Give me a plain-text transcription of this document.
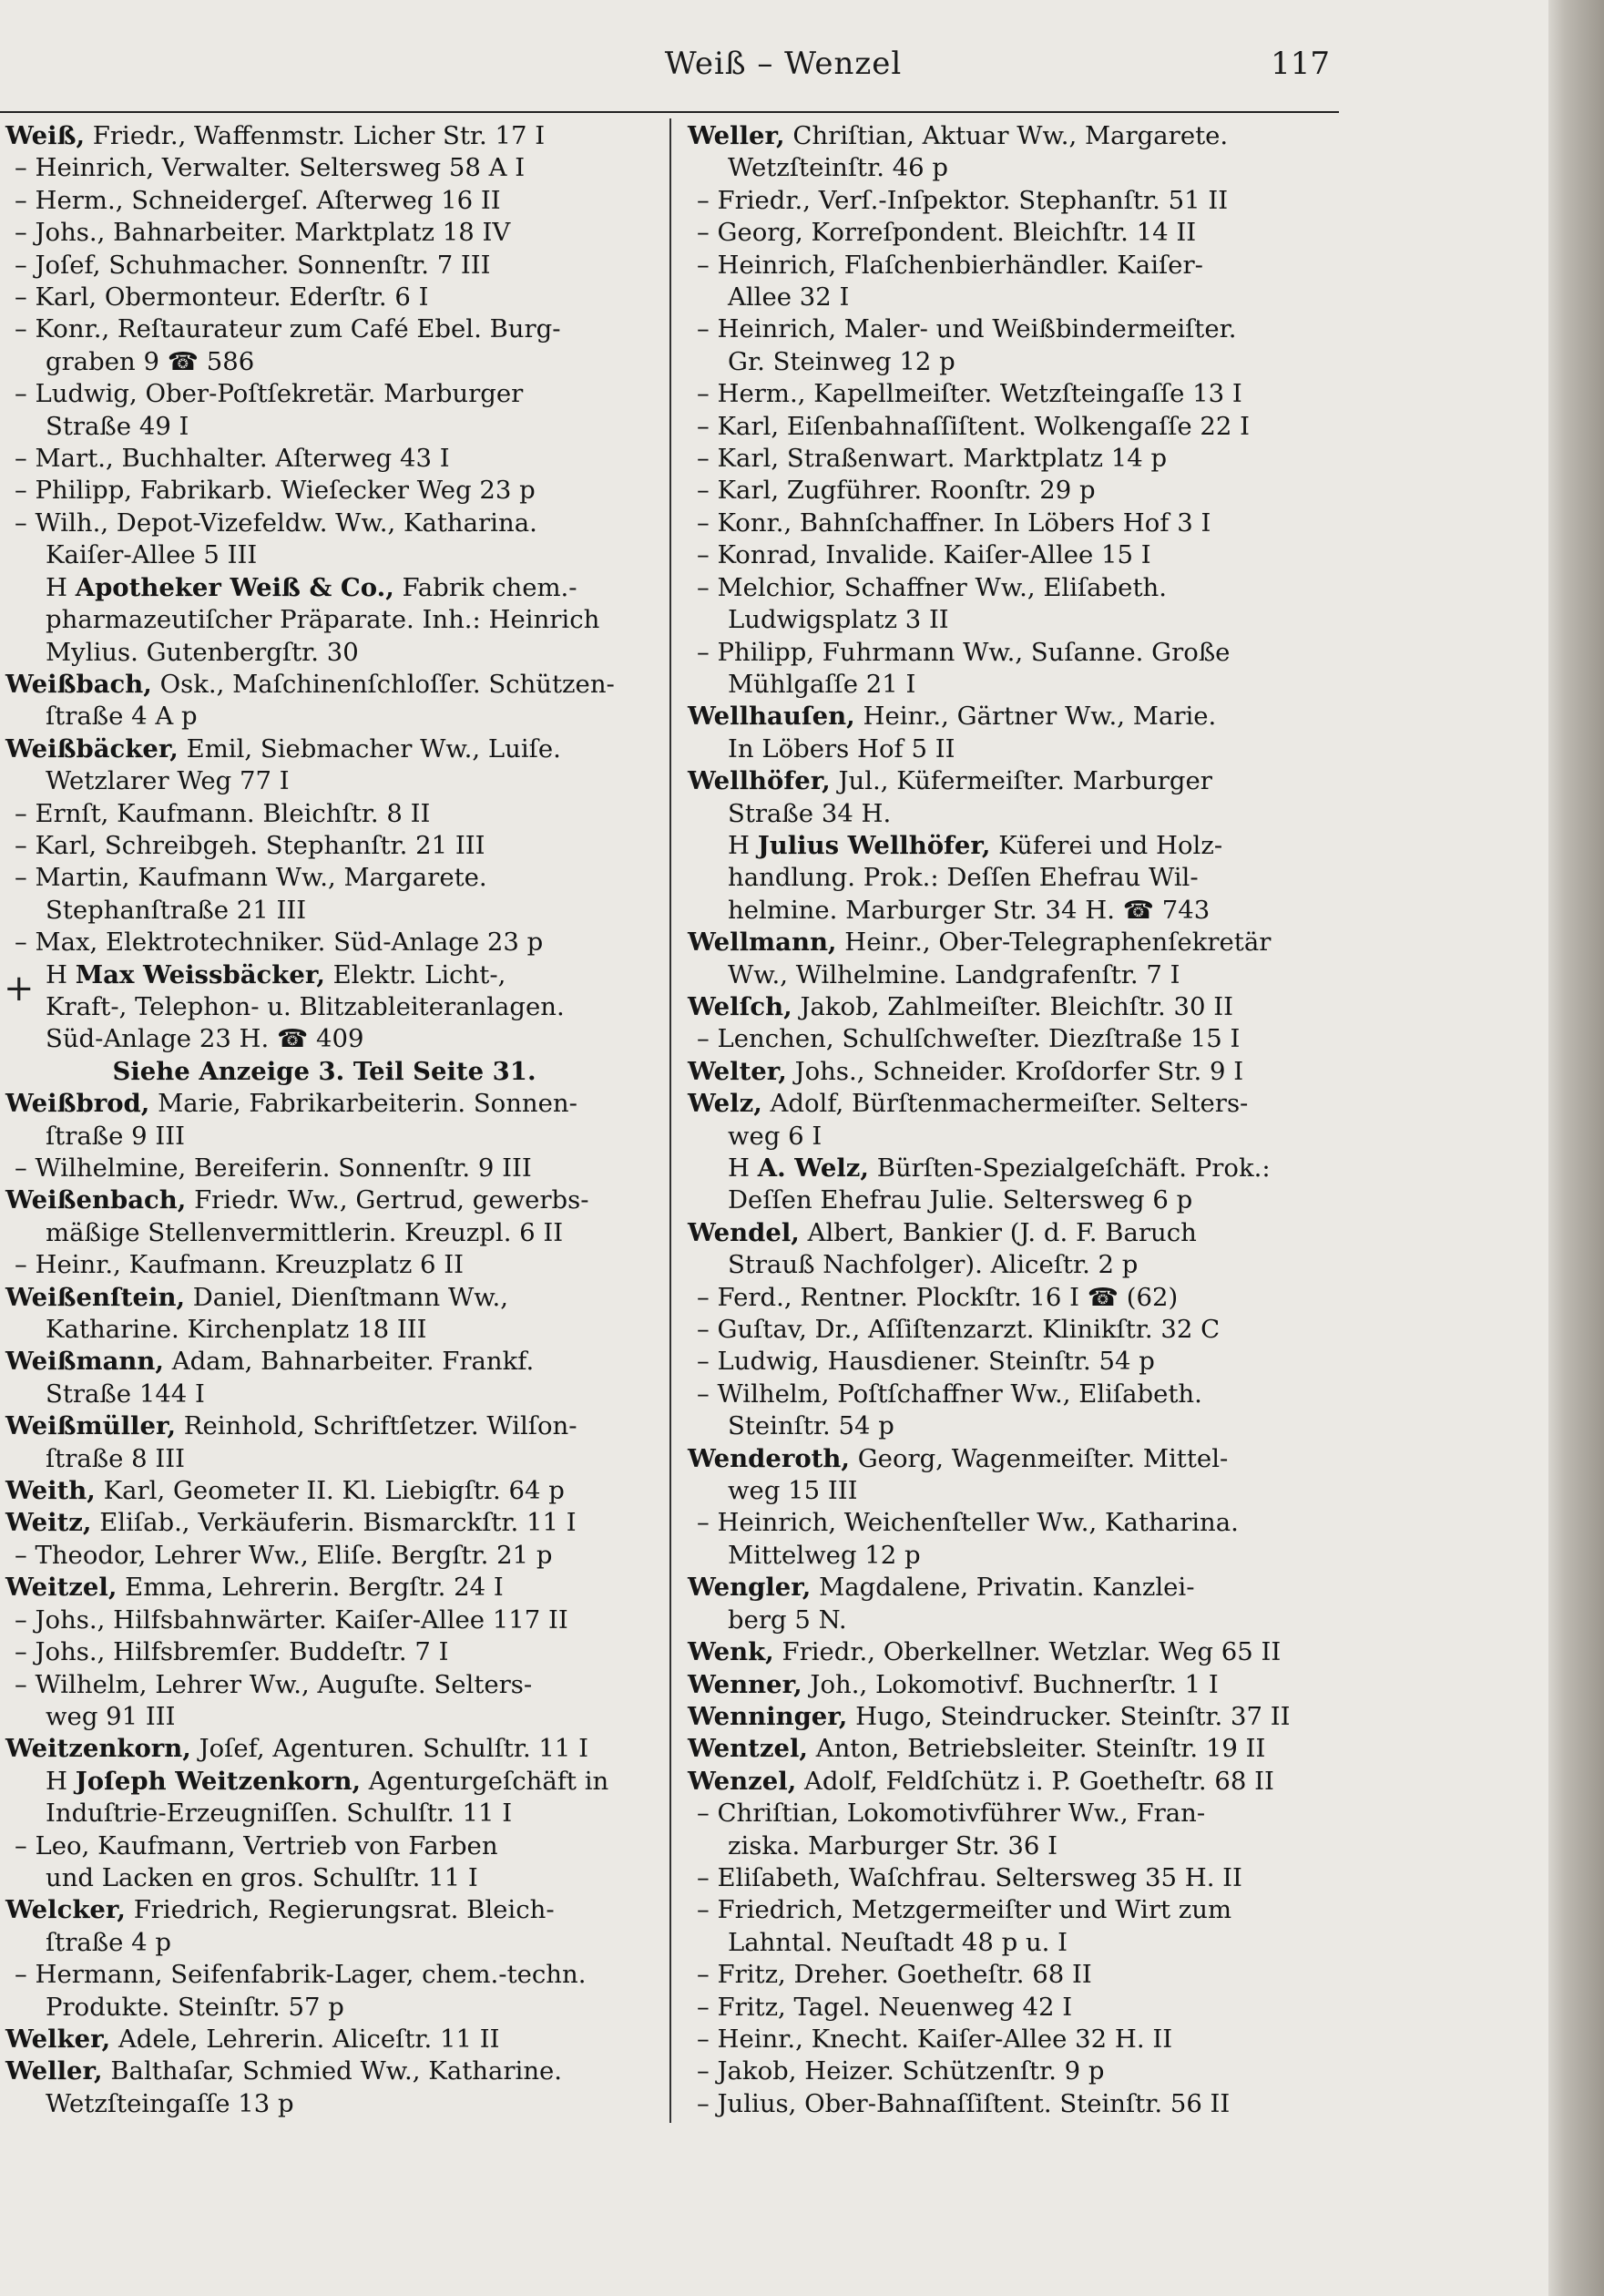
Weiß – Wenzel	117
+
Weiß, Friedr., Waffenmstr. Licher Str. 17 I
– Heinrich, Verwalter. Seltersweg 58 A I
– Herm., Schneidergeſ. Aſterweg 16 II
– Johs., Bahnarbeiter. Marktplatz 18 IV
– Joſef, Schuhmacher. Sonnenſtr. 7 III
– Karl, Obermonteur. Ederſtr. 6 I
– Konr., Reſtaurateur zum Café Ebel. Burg-
graben 9 ☎ 586
– Ludwig, Ober-Poſtſekretär. Marburger
Straße 49 I
– Mart., Buchhalter. Aſterweg 43 I
– Philipp, Fabrikarb. Wieſecker Weg 23 p
– Wilh., Depot-Vizefeldw. Ww., Katharina.
Kaiſer-Allee 5 III
H Apotheker Weiß & Co., Fabrik chem.-
pharmazeutiſcher Präparate. Inh.: Heinrich
Mylius. Gutenbergſtr. 30
Weißbach, Osk., Maſchinenſchloſſer. Schützen-
ſtraße 4 A p
Weißbäcker, Emil, Siebmacher Ww., Luiſe.
Wetzlarer Weg 77 I
– Ernſt, Kaufmann. Bleichſtr. 8 II
– Karl, Schreibgeh. Stephanſtr. 21 III
– Martin, Kaufmann Ww., Margarete.
Stephanſtraße 21 III
– Max, Elektrotechniker. Süd-Anlage 23 p
H Max Weissbäcker, Elektr. Licht-,
Kraft-, Telephon- u. Blitzableiteranlagen.
Süd-Anlage 23 H. ☎ 409
Siehe Anzeige 3. Teil Seite 31.
Weißbrod, Marie, Fabrikarbeiterin. Sonnen-
ſtraße 9 III
– Wilhelmine, Bereiferin. Sonnenſtr. 9 III
Weißenbach, Friedr. Ww., Gertrud, gewerbs-
mäßige Stellenvermittlerin. Kreuzpl. 6 II
– Heinr., Kaufmann. Kreuzplatz 6 II
Weißenſtein, Daniel, Dienſtmann Ww.,
Katharine. Kirchenplatz 18 III
Weißmann, Adam, Bahnarbeiter. Frankf.
Straße 144 I
Weißmüller, Reinhold, Schriftſetzer. Wilſon-
ſtraße 8 III
Weith, Karl, Geometer II. Kl. Liebigſtr. 64 p
Weitz, Eliſab., Verkäuferin. Bismarckſtr. 11 I
– Theodor, Lehrer Ww., Eliſe. Bergſtr. 21 p
Weitzel, Emma, Lehrerin. Bergſtr. 24 I
– Johs., Hilfsbahnwärter. Kaiſer-Allee 117 II
– Johs., Hilfsbremſer. Buddeſtr. 7 I
– Wilhelm, Lehrer Ww., Auguſte. Selters-
weg 91 III
Weitzenkorn, Joſef, Agenturen. Schulſtr. 11 I
H Joſeph Weitzenkorn, Agenturgeſchäft in
Induſtrie-Erzeugniſſen. Schulſtr. 11 I
– Leo, Kaufmann, Vertrieb von Farben
und Lacken en gros. Schulſtr. 11 I
Welcker, Friedrich, Regierungsrat. Bleich-
ſtraße 4 p
– Hermann, Seifenfabrik-Lager, chem.-techn.
Produkte. Steinſtr. 57 p
Welker, Adele, Lehrerin. Aliceſtr. 11 II
Weller, Balthaſar, Schmied Ww., Katharine.
Wetzſteingaſſe 13 p
Weller, Chriſtian, Aktuar Ww., Margarete.
Wetzſteinſtr. 46 p
– Friedr., Verſ.-Inſpektor. Stephanſtr. 51 II
– Georg, Korreſpondent. Bleichſtr. 14 II
– Heinrich, Flaſchenbierhändler. Kaiſer-
Allee 32 I
– Heinrich, Maler- und Weißbindermeiſter.
Gr. Steinweg 12 p
– Herm., Kapellmeiſter. Wetzſteingaſſe 13 I
– Karl, Eiſenbahnaſſiſtent. Wolkengaſſe 22 I
– Karl, Straßenwart. Marktplatz 14 p
– Karl, Zugführer. Roonſtr. 29 p
– Konr., Bahnſchaffner. In Löbers Hof 3 I
– Konrad, Invalide. Kaiſer-Allee 15 I
– Melchior, Schaffner Ww., Eliſabeth.
Ludwigsplatz 3 II
– Philipp, Fuhrmann Ww., Suſanne. Große
Mühlgaſſe 21 I
Wellhauſen, Heinr., Gärtner Ww., Marie.
In Löbers Hof 5 II
Wellhöfer, Jul., Küfermeiſter. Marburger
Straße 34 H.
H Julius Wellhöfer, Küferei und Holz-
handlung. Prok.: Deſſen Ehefrau Wil-
helmine. Marburger Str. 34 H. ☎ 743
Wellmann, Heinr., Ober-Telegraphenſekretär
Ww., Wilhelmine. Landgrafenſtr. 7 I
Welſch, Jakob, Zahlmeiſter. Bleichſtr. 30 II
– Lenchen, Schulſchweſter. Diezſtraße 15 I
Welter, Johs., Schneider. Kroſdorfer Str. 9 I
Welz, Adolf, Bürſtenmachermeiſter. Selters-
weg 6 I
H A. Welz, Bürſten-Spezialgeſchäft. Prok.:
Deſſen Ehefrau Julie. Seltersweg 6 p
Wendel, Albert, Bankier (J. d. F. Baruch
Strauß Nachfolger). Aliceſtr. 2 p
– Ferd., Rentner. Plockſtr. 16 I ☎ (62)
– Guſtav, Dr., Aſſiſtenzarzt. Klinikſtr. 32 C
– Ludwig, Hausdiener. Steinſtr. 54 p
– Wilhelm, Poſtſchaffner Ww., Eliſabeth.
Steinſtr. 54 p
Wenderoth, Georg, Wagenmeiſter. Mittel-
weg 15 III
– Heinrich, Weichenſteller Ww., Katharina.
Mittelweg 12 p
Wengler, Magdalene, Privatin. Kanzlei-
berg 5 N.
Wenk, Friedr., Oberkellner. Wetzlar. Weg 65 II
Wenner, Joh., Lokomotivf. Buchnerſtr. 1 I
Wenninger, Hugo, Steindrucker. Steinſtr. 37 II
Wentzel, Anton, Betriebsleiter. Steinſtr. 19 II
Wenzel, Adolf, Feldſchütz i. P. Goetheſtr. 68 II
– Chriſtian, Lokomotivführer Ww., Fran-
ziska. Marburger Str. 36 I
– Eliſabeth, Waſchfrau. Seltersweg 35 H. II
– Friedrich, Metzgermeiſter und Wirt zum
Lahntal. Neuſtadt 48 p u. I
– Fritz, Dreher. Goetheſtr. 68 II
– Fritz, Tagel. Neuenweg 42 I
– Heinr., Knecht. Kaiſer-Allee 32 H. II
– Jakob, Heizer. Schützenſtr. 9 p
– Julius, Ober-Bahnaſſiſtent. Steinſtr. 56 II
